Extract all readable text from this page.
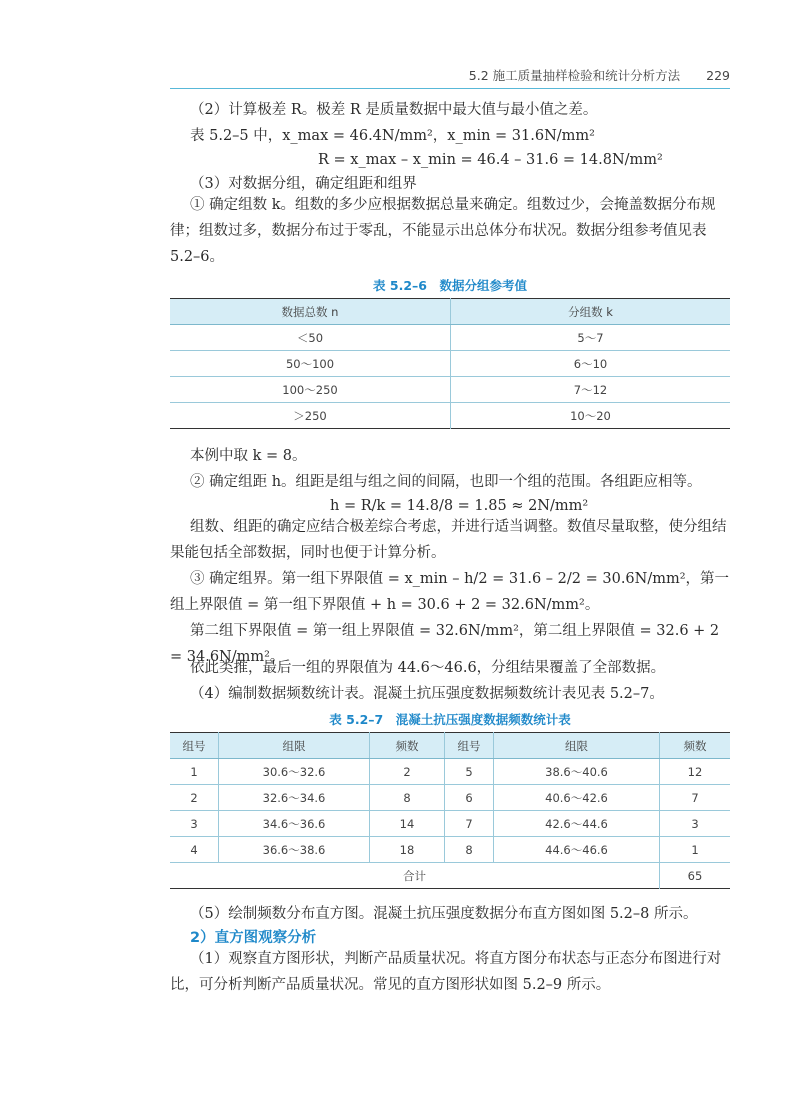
5.2 施工质量抽样检验和统计分析方法 229
（2）计算极差 R。极差 R 是质量数据中最大值与最小值之差。
表 5.2–5 中，x_max = 46.4N/mm²，x_min = 31.6N/mm²
R = x_max – x_min = 46.4 – 31.6 = 14.8N/mm²
（3）对数据分组，确定组距和组界
① 确定组数 k。组数的多少应根据数据总量来确定。组数过少，会掩盖数据分布规律；组数过多，数据分布过于零乱，不能显示出总体分布状况。数据分组参考值见表 5.2–6。
表 5.2–6　数据分组参考值
数据总数 n	分组数 k
＜50	5～7
50～100	6～10
100～250	7～12
＞250	10～20
本例中取 k = 8。
② 确定组距 h。组距是组与组之间的间隔，也即一个组的范围。各组距应相等。
h = R/k = 14.8/8 = 1.85 ≈ 2N/mm²
组数、组距的确定应结合极差综合考虑，并进行适当调整。数值尽量取整，使分组结果能包括全部数据，同时也便于计算分析。
③ 确定组界。第一组下界限值 = x_min – h/2 = 31.6 – 2/2 = 30.6N/mm²，第一组上界限值 = 第一组下界限值 + h = 30.6 + 2 = 32.6N/mm²。
第二组下界限值 = 第一组上界限值 = 32.6N/mm²，第二组上界限值 = 32.6 + 2 = 34.6N/mm²。
依此类推，最后一组的界限值为 44.6～46.6，分组结果覆盖了全部数据。
（4）编制数据频数统计表。混凝土抗压强度数据频数统计表见表 5.2–7。
表 5.2–7　混凝土抗压强度数据频数统计表
组号	组限	频数	组号	组限	频数
1	30.6～32.6	2	5	38.6～40.6	12
2	32.6～34.6	8	6	40.6～42.6	7
3	34.6～36.6	14	7	42.6～44.6	3
4	36.6～38.6	18	8	44.6～46.6	1
合计					65
（5）绘制频数分布直方图。混凝土抗压强度数据分布直方图如图 5.2–8 所示。
2）直方图观察分析
（1）观察直方图形状，判断产品质量状况。将直方图分布状态与正态分布图进行对比，可分析判断产品质量状况。常见的直方图形状如图 5.2–9 所示。
